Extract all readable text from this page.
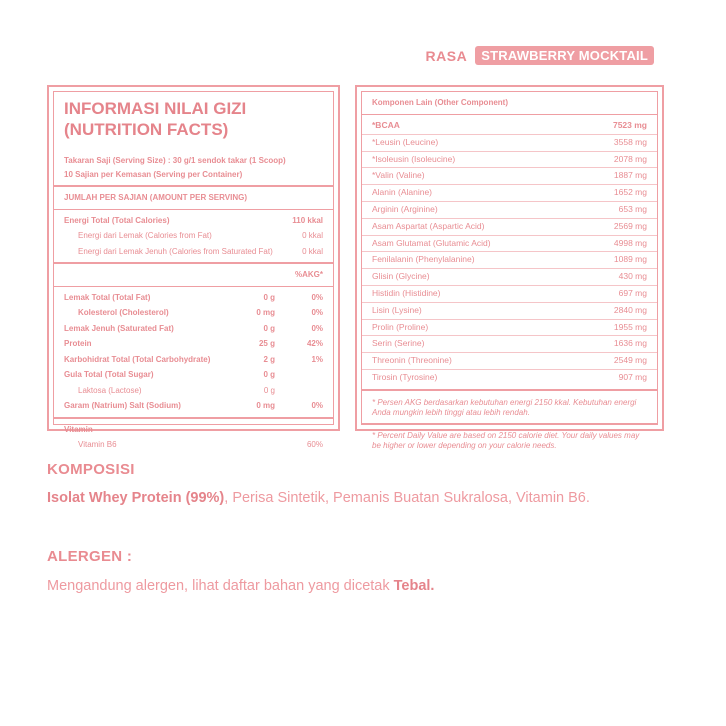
RASA	STRAWBERRY MOCKTAIL
INFORMASI NILAI GIZI
(NUTRITION FACTS)
Takaran Saji (Serving Size) : 30 g/1 sendok takar (1 Scoop)
10 Sajian per Kemasan (Serving per Container)
JUMLAH PER SAJIAN (AMOUNT PER SERVING)
Energi Total (Total Calories)	110 kkal
Energi dari Lemak (Calories from Fat)	0 kkal
Energi dari Lemak Jenuh (Calories from Saturated Fat)	0 kkal
%AKG*
Lemak Total (Total Fat)	0 g	0%
Kolesterol (Cholesterol)	0 mg	0%
Lemak Jenuh (Saturated Fat)	0 g	0%
Protein	25 g	42%
Karbohidrat Total (Total Carbohydrate)	2 g	1%
Gula Total (Total Sugar)	0 g
Laktosa (Lactose)	0 g
Garam (Natrium) Salt (Sodium)	0 mg	0%
Vitamin
Vitamin B6	60%
Komponen Lain (Other Component)
*BCAA	7523 mg
*Leusin (Leucine)	3558 mg
*Isoleusin (Isoleucine)	2078 mg
*Valin (Valine)	1887 mg
Alanin (Alanine)	1652 mg
Arginin (Arginine)	653 mg
Asam Aspartat (Aspartic Acid)	2569 mg
Asam Glutamat (Glutamic Acid)	4998 mg
Fenilalanin (Phenylalanine)	1089 mg
Glisin (Glycine)	430 mg
Histidin (Histidine)	697 mg
Lisin (Lysine)	2840 mg
Prolin (Proline)	1955 mg
Serin (Serine)	1636 mg
Threonin (Threonine)	2549 mg
Tirosin (Tyrosine)	907 mg
* Persen AKG berdasarkan kebutuhan energi 2150 kkal. Kebutuhan energi Anda mungkin lebih tinggi atau lebih rendah.
* Percent Daily Value are based on 2150 calorie diet. Your daily values may be higher or lower depending on your calorie needs.
KOMPOSISI
Isolat Whey Protein (99%), Perisa Sintetik, Pemanis Buatan Sukralosa, Vitamin B6.
ALERGEN :
Mengandung alergen, lihat daftar bahan yang dicetak Tebal.
